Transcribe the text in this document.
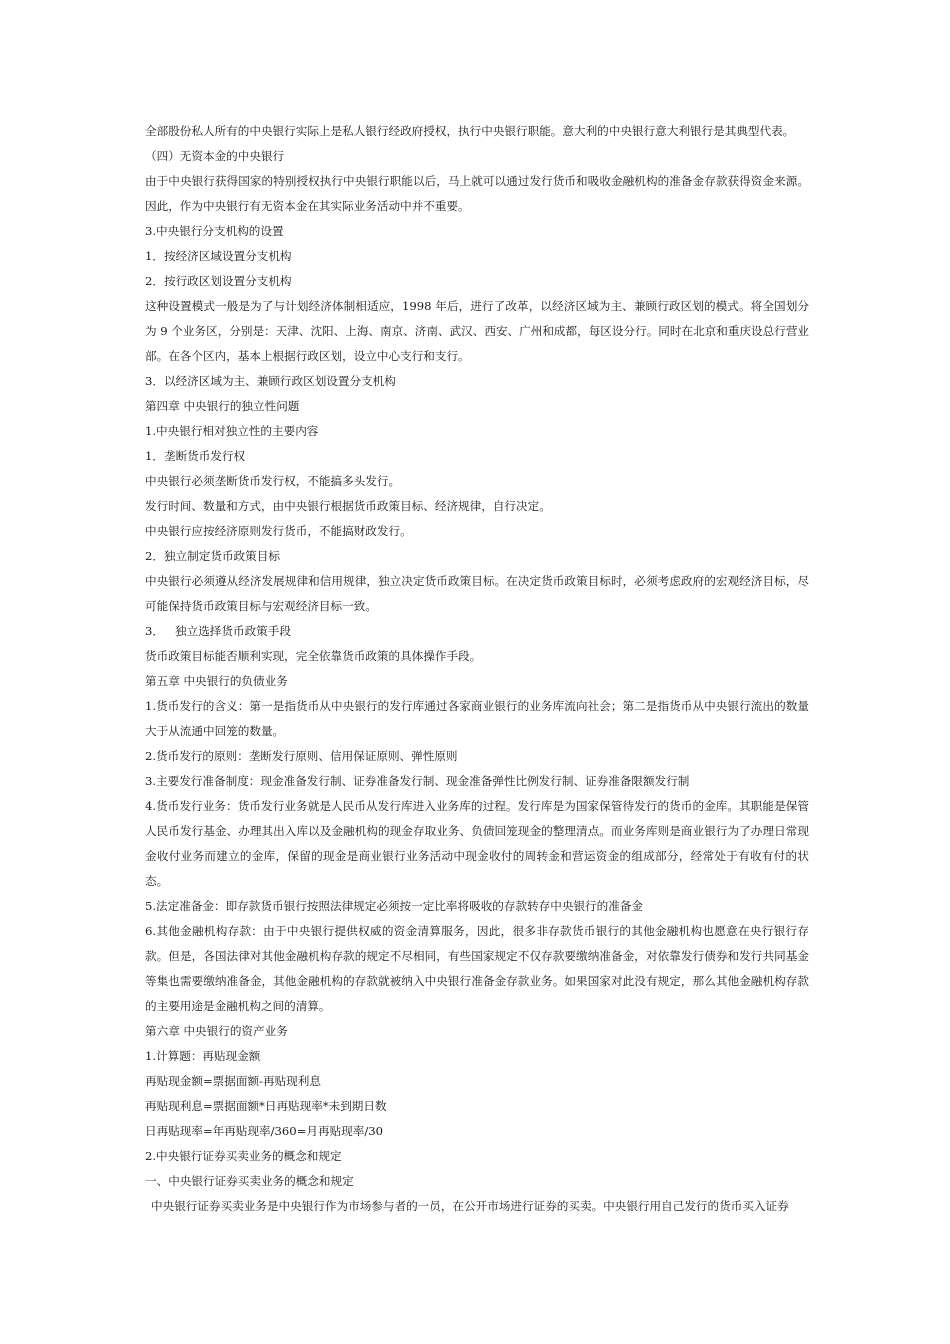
全部股份私人所有的中央银行实际上是私人银行经政府授权，执行中央银行职能。意大利的中央银行意大利银行是其典型代表。

（四）无资本金的中央银行

由于中央银行获得国家的特别授权执行中央银行职能以后，马上就可以通过发行货币和吸收金融机构的准备金存款获得资金来源。因此，作为中央银行有无资本金在其实际业务活动中并不重要。

3.中央银行分支机构的设置

1．按经济区域设置分支机构

2．按行政区划设置分支机构

这种设置模式一般是为了与计划经济体制相适应，1998 年后，进行了改革，以经济区域为主、兼顾行政区划的模式。将全国划分为 9 个业务区，分别是：天津、沈阳、上海、南京、济南、武汉、西安、广州和成都，每区设分行。同时在北京和重庆设总行营业部。在各个区内，基本上根据行政区划，设立中心支行和支行。

3．以经济区域为主、兼顾行政区划设置分支机构

第四章 中央银行的独立性问题

1.中央银行相对独立性的主要内容

1．垄断货币发行权

中央银行必须垄断货币发行权，不能搞多头发行。

发行时间、数量和方式，由中央银行根据货币政策目标、经济规律，自行决定。

中央银行应按经济原则发行货币，不能搞财政发行。

2．独立制定货币政策目标

中央银行必须遵从经济发展规律和信用规律，独立决定货币政策目标。在决定货币政策目标时，必须考虑政府的宏观经济目标，尽可能保持货币政策目标与宏观经济目标一致。

3．   独立选择货币政策手段

货币政策目标能否顺利实现，完全依靠货币政策的具体操作手段。

第五章 中央银行的负债业务

1.货币发行的含义：第一是指货币从中央银行的发行库通过各家商业银行的业务库流向社会；第二是指货币从中央银行流出的数量大于从流通中回笼的数量。

2.货币发行的原则：垄断发行原则、信用保证原则、弹性原则

3.主要发行准备制度：现金准备发行制、证券准备发行制、现金准备弹性比例发行制、证券准备限额发行制

4.货币发行业务：货币发行业务就是人民币从发行库进入业务库的过程。发行库是为国家保管待发行的货币的金库。其职能是保管人民币发行基金、办理其出入库以及金融机构的现金存取业务、负债回笼现金的整理清点。而业务库则是商业银行为了办理日常现金收付业务而建立的金库，保留的现金是商业银行业务活动中现金收付的周转金和营运资金的组成部分，经常处于有收有付的状态。

5.法定准备金：即存款货币银行按照法律规定必须按一定比率将吸收的存款转存中央银行的准备金

6.其他金融机构存款：由于中央银行提供权威的资金清算服务，因此，很多非存款货币银行的其他金融机构也愿意在央行银行存款。但是，各国法律对其他金融机构存款的规定不尽相同，有些国家规定不仅存款要缴纳准备金，对依靠发行债券和发行共同基金等集也需要缴纳准备金，其他金融机构的存款就被纳入中央银行准备金存款业务。如果国家对此没有规定，那么其他金融机构存款的主要用途是金融机构之间的清算。

第六章 中央银行的资产业务

1.计算题：再贴现金额

再贴现金额=票据面额-再贴现利息

再贴现利息=票据面额*日再贴现率*未到期日数

日再贴现率=年再贴现率/360=月再贴现率/30

2.中央银行证券买卖业务的概念和规定

一、中央银行证券买卖业务的概念和规定

中央银行证券买卖业务是中央银行作为市场参与者的一员，在公开市场进行证券的买卖。中央银行用自己发行的货币买入证券
